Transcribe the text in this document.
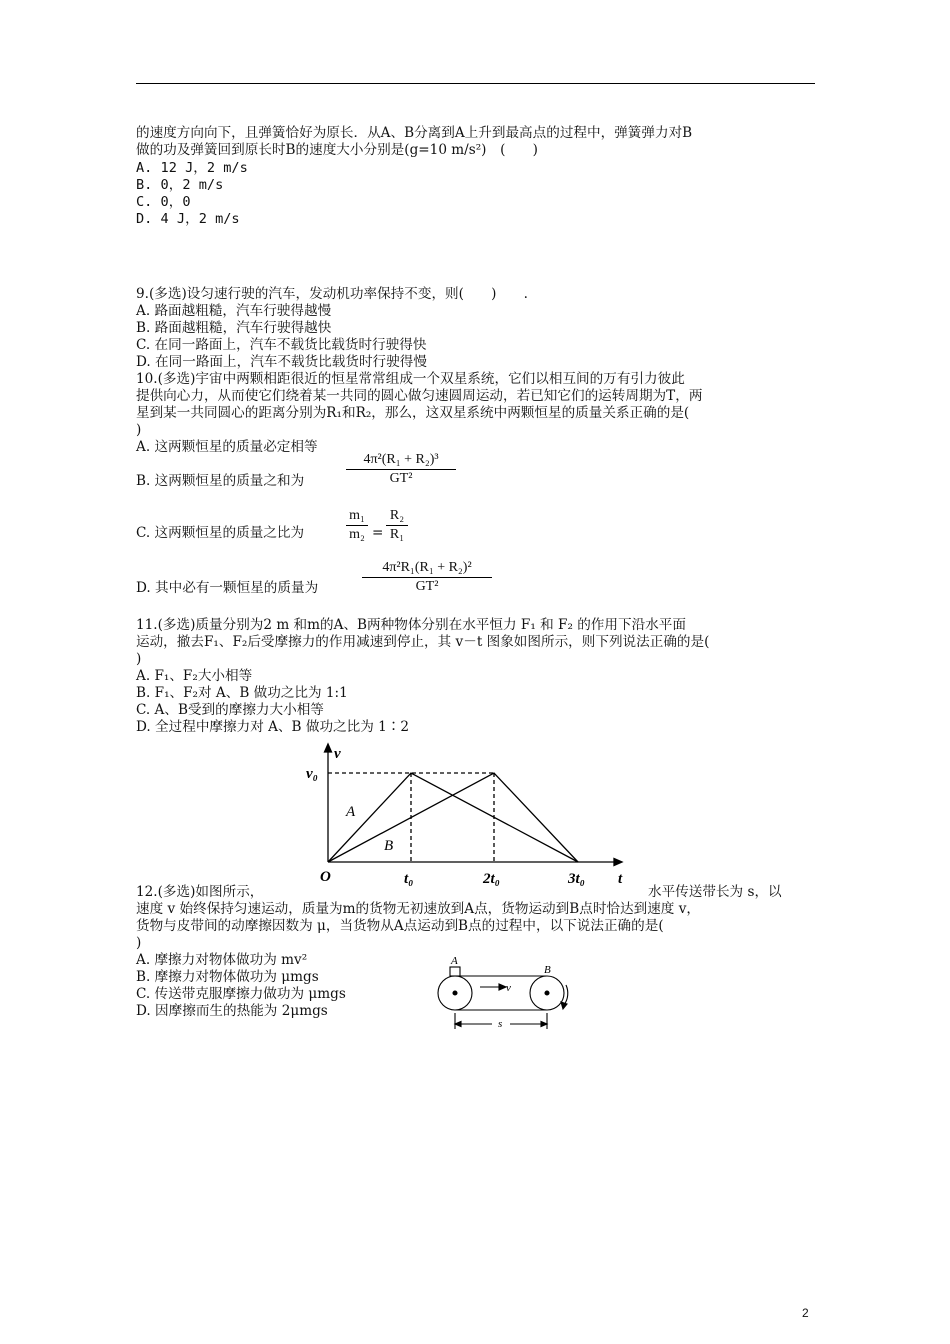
的速度方向向下，且弹簧恰好为原长．从A、B分离到A上升到最高点的过程中，弹簧弹力对B
做的功及弹簧回到原长时B的速度大小分别是(g=10 m/s²)　(　　)
A. 12 J，2 m/s
B. 0，2 m/s
C. 0，0
D. 4 J，2 m/s
9.(多选)设匀速行驶的汽车，发动机功率保持不变，则(　　)　　.
A. 路面越粗糙，汽车行驶得越慢
B. 路面越粗糙，汽车行驶得越快
C. 在同一路面上，汽车不载货比载货时行驶得快
D. 在同一路面上，汽车不载货比载货时行驶得慢
10.(多选)宇宙中两颗相距很近的恒星常常组成一个双星系统，它们以相互间的万有引力彼此
提供向心力，从而使它们绕着某一共同的圆心做匀速圆周运动，若已知它们的运转周期为T，两
星到某一共同圆心的距离分别为R₁和R₂，那么，这双星系统中两颗恒星的质量关系正确的是(
)
A. 这两颗恒星的质量必定相等
B. 这两颗恒星的质量之和为
4π²(R₁ + R₂)³
GT²
C. 这两颗恒星的质量之比为
m₁
m₂ =
R₂
R₁
D. 其中必有一颗恒星的质量为
4π²R₁(R₁ + R₂)²
GT²
11.(多选)质量分别为2 m 和m的A、B两种物体分别在水平恒力 F₁ 和 F₂ 的作用下沿水平面
运动，撤去F₁、F₂后受摩擦力的作用减速到停止，其 v－t 图象如图所示，则下列说法正确的是(
)
A. F₁、F₂大小相等
B. F₁、F₂对 A、B 做功之比为 1:1
C. A、B受到的摩擦力大小相等
D. 全过程中摩擦力对 A、B 做功之比为 1∶2
v
v₀
O	t₀	2t₀	3t₀ t
A
B
12.(多选)如图所示，	水平传送带长为 s，以
速度 v 始终保持匀速运动，质量为m的货物无初速放到A点，货物运动到B点时恰达到速度 v，
货物与皮带间的动摩擦因数为 μ，当货物从A点运动到B点的过程中，以下说法正确的是(
)
A. 摩擦力对物体做功为 mv²
B. 摩擦力对物体做功为 μmgs
C. 传送带克服摩擦力做功为 μmgs
D. 因摩擦而生的热能为 2μmgs
A
B
v
s
2
